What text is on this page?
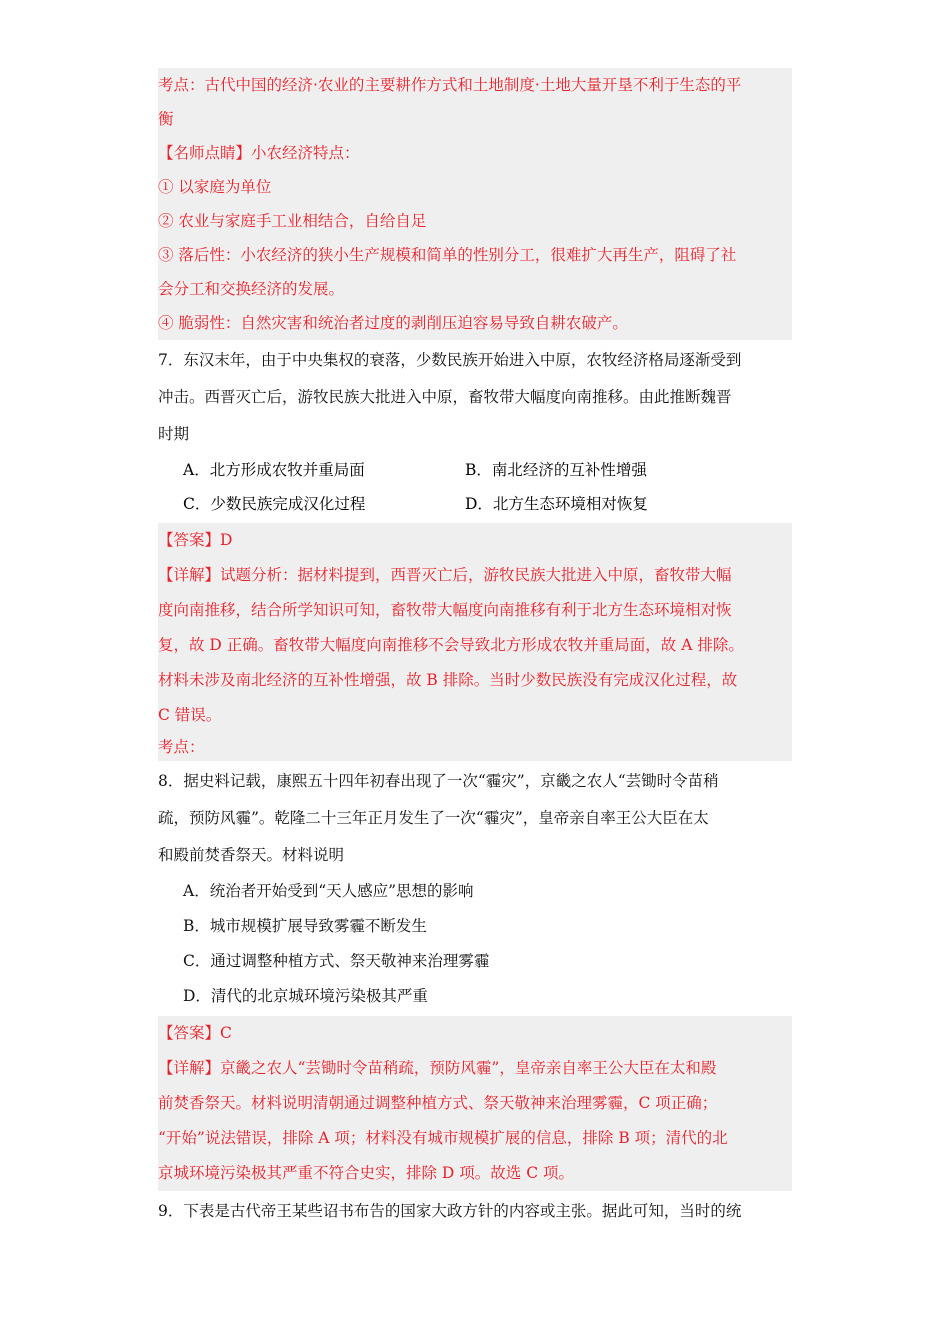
考点：古代中国的经济·农业的主要耕作方式和土地制度·土地大量开垦不利于生态的平
衡
【名师点睛】小农经济特点：
① 以家庭为单位
② 农业与家庭手工业相结合，自给自足
③ 落后性：小农经济的狭小生产规模和简单的性别分工，很难扩大再生产，阻碍了社
会分工和交换经济的发展。
④ 脆弱性：自然灾害和统治者过度的剥削压迫容易导致自耕农破产。
7．东汉末年，由于中央集权的衰落，少数民族开始进入中原，农牧经济格局逐渐受到
冲击。西晋灭亡后，游牧民族大批进入中原，畜牧带大幅度向南推移。由此推断魏晋
时期
A．北方形成农牧并重局面	B．南北经济的互补性增强
C．少数民族完成汉化过程	D．北方生态环境相对恢复
【答案】D
【详解】试题分析：据材料提到，西晋灭亡后，游牧民族大批进入中原，畜牧带大幅
度向南推移，结合所学知识可知，畜牧带大幅度向南推移有利于北方生态环境相对恢
复，故 D 正确。畜牧带大幅度向南推移不会导致北方形成农牧并重局面，故 A 排除。
材料未涉及南北经济的互补性增强，故 B 排除。当时少数民族没有完成汉化过程，故
C 错误。
考点：
8．据史料记载，康熙五十四年初春出现了一次“霾灾”，京畿之农人“芸锄时令苗稍
疏，预防风霾”。乾隆二十三年正月发生了一次“霾灾”，皇帝亲自率王公大臣在太
和殿前焚香祭天。材料说明
A．统治者开始受到“天人感应”思想的影响
B．城市规模扩展导致雾霾不断发生
C．通过调整种植方式、祭天敬神来治理雾霾
D．清代的北京城环境污染极其严重
【答案】C
【详解】京畿之农人“芸锄时令苗稍疏，预防风霾”，皇帝亲自率王公大臣在太和殿
前焚香祭天。材料说明清朝通过调整种植方式、祭天敬神来治理雾霾，C 项正确；
“开始”说法错误，排除 A 项；材料没有城市规模扩展的信息，排除 B 项；清代的北
京城环境污染极其严重不符合史实，排除 D 项。故选 C 项。
9．下表是古代帝王某些诏书布告的国家大政方针的内容或主张。据此可知，当时的统
